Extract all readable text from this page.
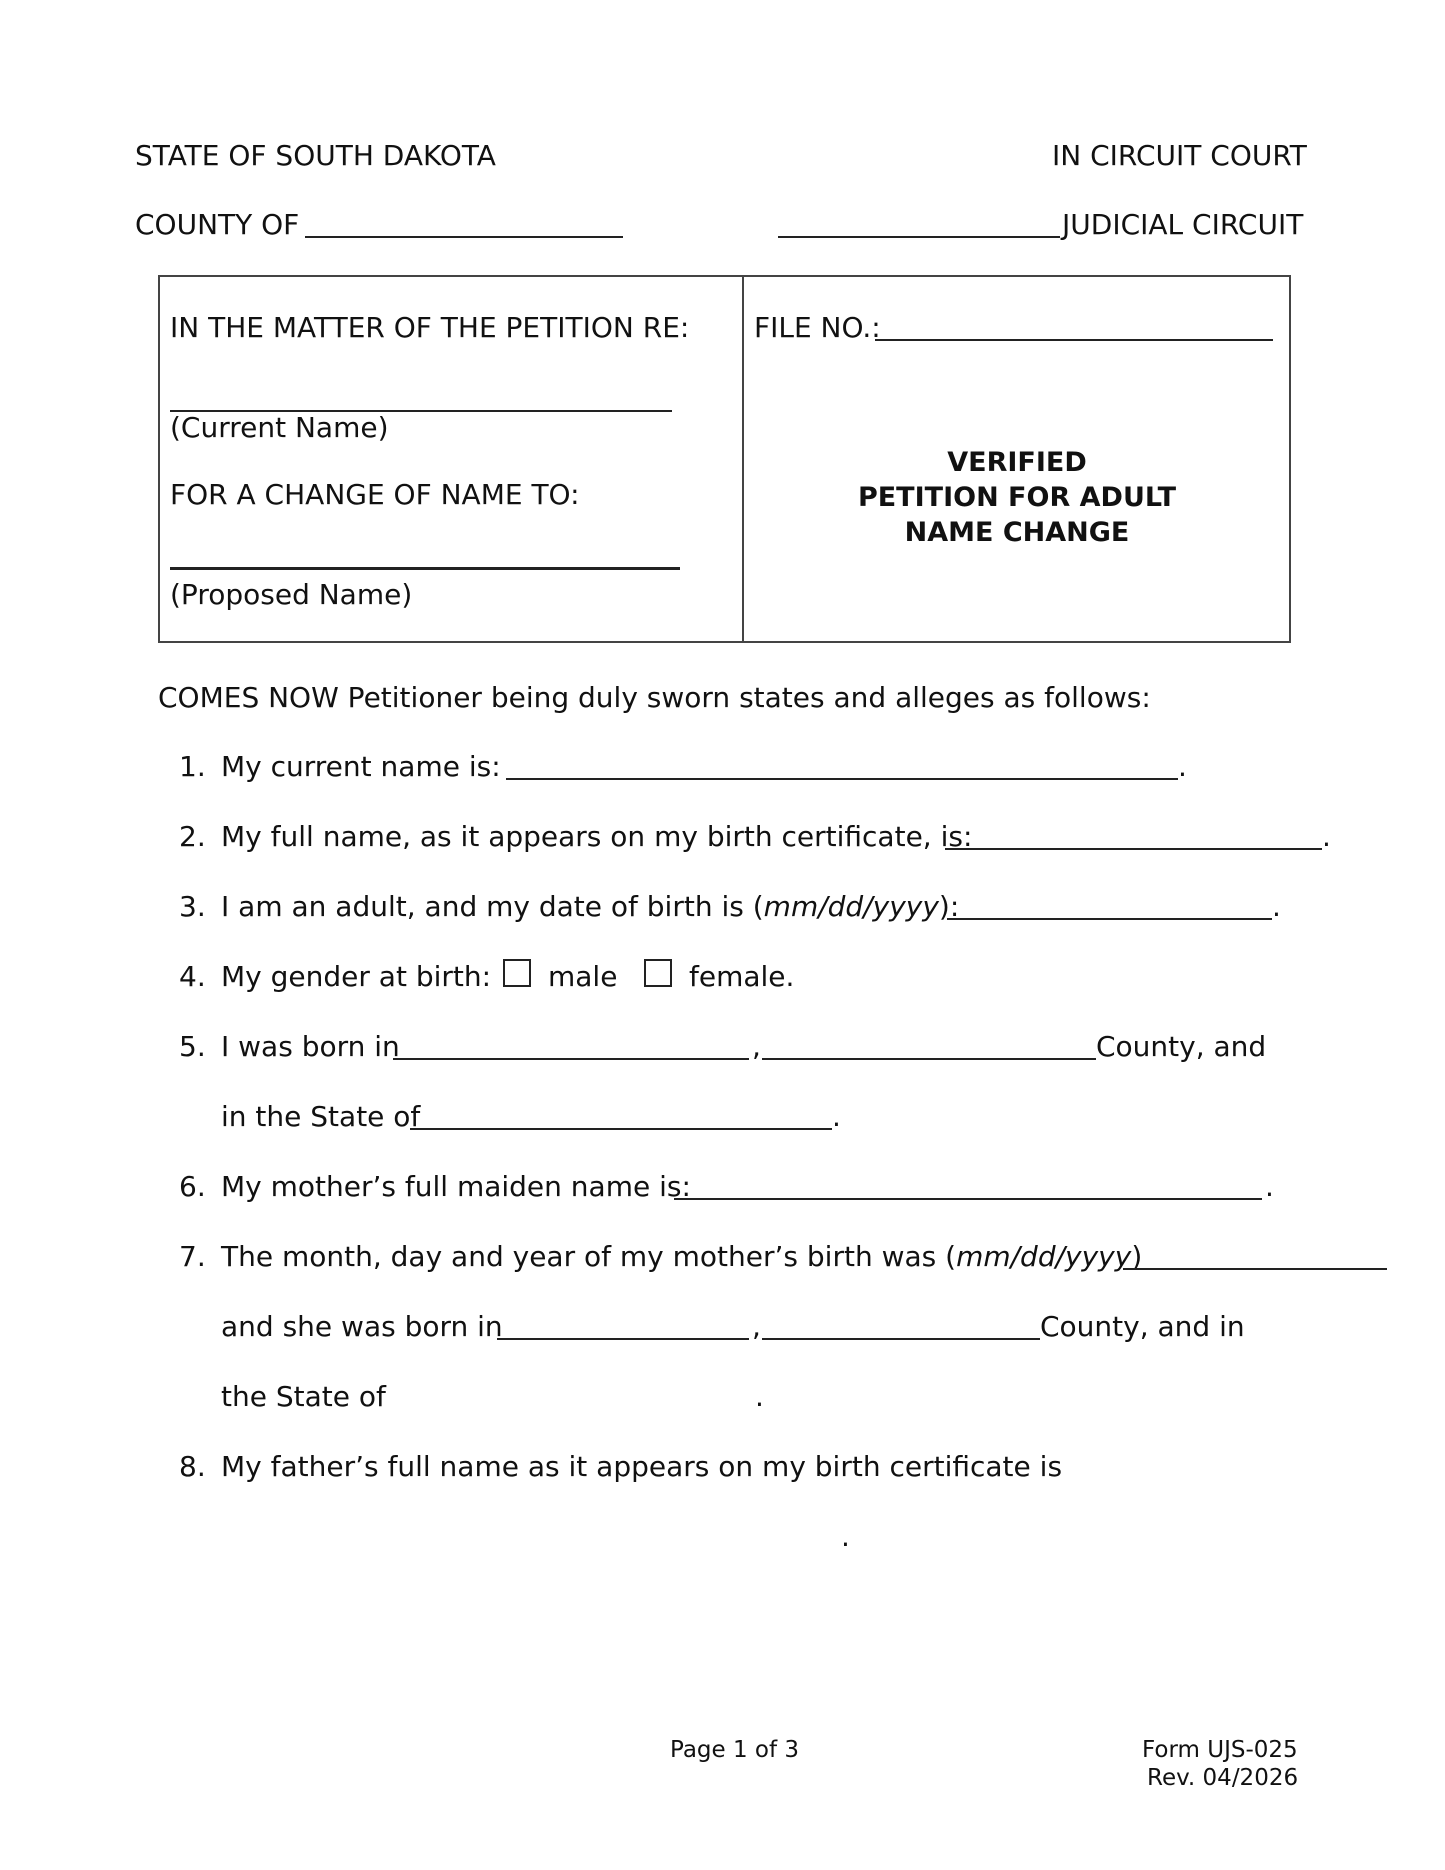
STATE OF SOUTH DAKOTA	IN CIRCUIT COURT
COUNTY OF	JUDICIAL CIRCUIT
IN THE MATTER OF THE PETITION RE:
(Current Name)
FOR A CHANGE OF NAME TO:
(Proposed Name)
FILE NO.:
VERIFIED
PETITION FOR ADULT
NAME CHANGE
COMES NOW Petitioner being duly sworn states and alleges as follows:
1. My current name is:	.
2. My full name, as it appears on my birth certificate, is:	.
3. I am an adult, and my date of birth is (mm/dd/yyyy):	.
4. My gender at birth: male	female.
5. I was born in	,	County, and
in the State of	.
6. My mother’s full maiden name is:	.
7. The month, day and year of my mother’s birth was (mm/dd/yyyy)
and she was born in	,	County, and in
the State of	.
8. My father’s full name as it appears on my birth certificate is
.
Page 1 of 3	Form UJS-025
Rev. 04/2026
